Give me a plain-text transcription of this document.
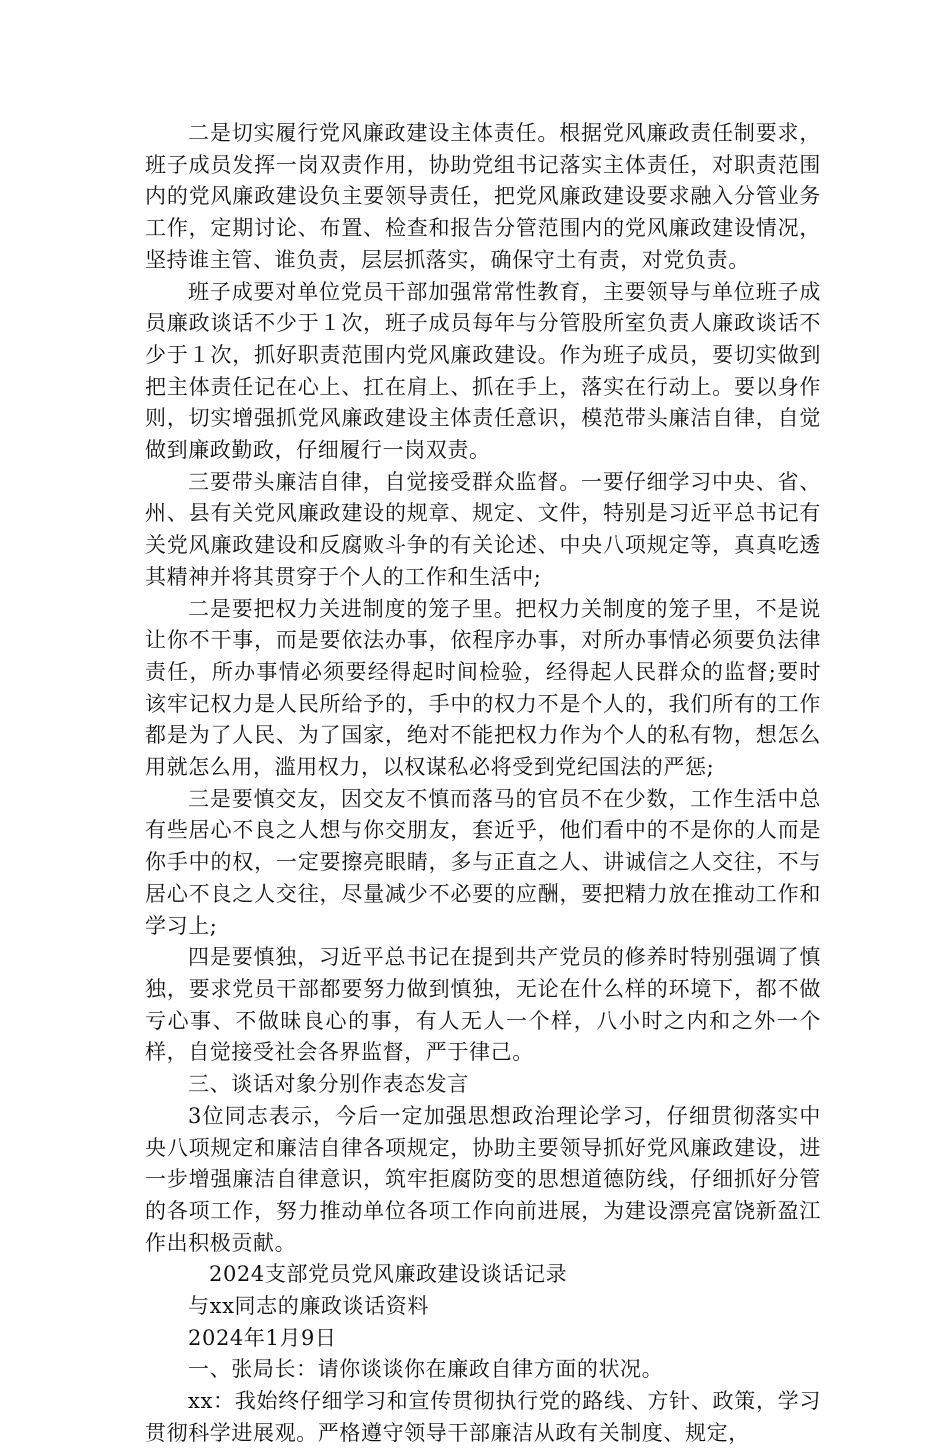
二是切实履行党风廉政建设主体责任。根据党风廉政责任制要求，班子成员发挥一岗双责作用，协助党组书记落实主体责任，对职责范围内的党风廉政建设负主要领导责任，把党风廉政建设要求融入分管业务工作，定期讨论、布置、检查和报告分管范围内的党风廉政建设情况，坚持谁主管、谁负责，层层抓落实，确保守土有责，对党负责。

班子成要对单位党员干部加强常常性教育，主要领导与单位班子成员廉政谈话不少于１次，班子成员每年与分管股所室负责人廉政谈话不少于１次，抓好职责范围内党风廉政建设。作为班子成员，要切实做到把主体责任记在心上、扛在肩上、抓在手上，落实在行动上。要以身作则，切实增强抓党风廉政建设主体责任意识，模范带头廉洁自律，自觉做到廉政勤政，仔细履行一岗双责。

三要带头廉洁自律，自觉接受群众监督。一要仔细学习中央、省、州、县有关党风廉政建设的规章、规定、文件，特别是习近平总书记有关党风廉政建设和反腐败斗争的有关论述、中央八项规定等，真真吃透其精神并将其贯穿于个人的工作和生活中;

二是要把权力关进制度的笼子里。把权力关制度的笼子里，不是说让你不干事，而是要依法办事，依程序办事，对所办事情必须要负法律责任，所办事情必须要经得起时间检验，经得起人民群众的监督;要时该牢记权力是人民所给予的，手中的权力不是个人的，我们所有的工作都是为了人民、为了国家，绝对不能把权力作为个人的私有物，想怎么用就怎么用，滥用权力，以权谋私必将受到党纪国法的严惩;

三是要慎交友，因交友不慎而落马的官员不在少数，工作生活中总有些居心不良之人想与你交朋友，套近乎，他们看中的不是你的人而是你手中的权，一定要擦亮眼睛，多与正直之人、讲诚信之人交往，不与居心不良之人交往，尽量减少不必要的应酬，要把精力放在推动工作和学习上;

四是要慎独，习近平总书记在提到共产党员的修养时特别强调了慎独，要求党员干部都要努力做到慎独，无论在什么样的环境下，都不做亏心事、不做昧良心的事，有人无人一个样，八小时之内和之外一个样，自觉接受社会各界监督，严于律己。

三、谈话对象分别作表态发言

3位同志表示，今后一定加强思想政治理论学习，仔细贯彻落实中央八项规定和廉洁自律各项规定，协助主要领导抓好党风廉政建设，进一步增强廉洁自律意识，筑牢拒腐防变的思想道德防线，仔细抓好分管的各项工作，努力推动单位各项工作向前进展，为建设漂亮富饶新盈江作出积极贡献。

2024支部党员党风廉政建设谈话记录

与xx同志的廉政谈话资料

2024年1月9日

一、张局长：请你谈谈你在廉政自律方面的状况。

xx：我始终仔细学习和宣传贯彻执行党的路线、方针、政策，学习贯彻科学进展观。严格遵守领导干部廉洁从政有关制度、规定，
